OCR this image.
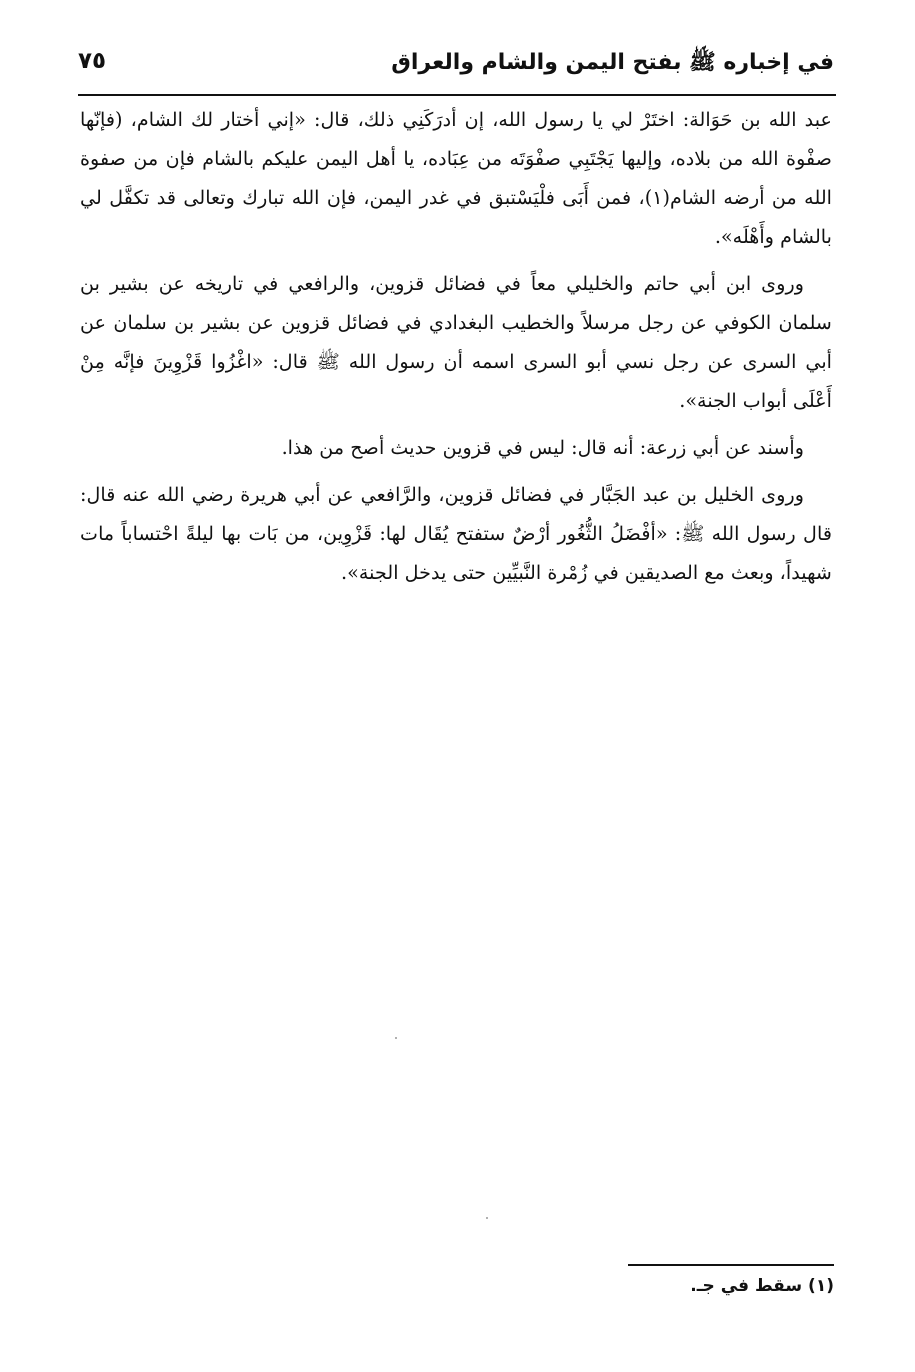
في إخباره ﷺ بفتح اليمن والشام والعراق
٧٥

عبد الله بن حَوَالة: اختَرْ لي يا رسول الله، إن أدرَكَنِي ذلك، قال: «إني أختار لك الشام، (فإنّها صفْوة الله من بلاده، وإليها يَجْتَبِي صفْوَتَه من عِبَاده، يا أهل اليمن عليكم بالشام فإن من صفوة الله من أرضه الشام(١)، فمن أَبَى فلْيَسْتبق في غدر اليمن، فإن الله تبارك وتعالى قد تكفَّل لي بالشام وأَهْلَه».

وروى ابن أبي حاتم والخليلي معاً في فضائل قزوين، والرافعي في تاريخه عن بشير بن سلمان الكوفي عن رجل مرسلاً والخطيب البغدادي في فضائل قزوين عن بشير بن سلمان عن أبي السرى عن رجل نسي أبو السرى اسمه أن رسول الله ﷺ قال: «اغْزُوا قَزْوِينَ فإنَّه مِنْ أَعْلَى أبواب الجنة».

وأسند عن أبي زرعة: أنه قال: ليس في قزوين حديث أصح من هذا.

وروى الخليل بن عبد الجَبَّار في فضائل قزوين، والرَّافعي عن أبي هريرة رضي الله عنه قال: قال رسول الله ﷺ: «أفْضَلُ الثُّغُور أرْضٌ ستفتح يُقَال لها: قَزْوِين، من بَات بها ليلةً احْتساباً مات شهيداً، وبعث مع الصديقين في زُمْرة النَّبيِّين حتى يدخل الجنة».

(١) سقط في جـ.
